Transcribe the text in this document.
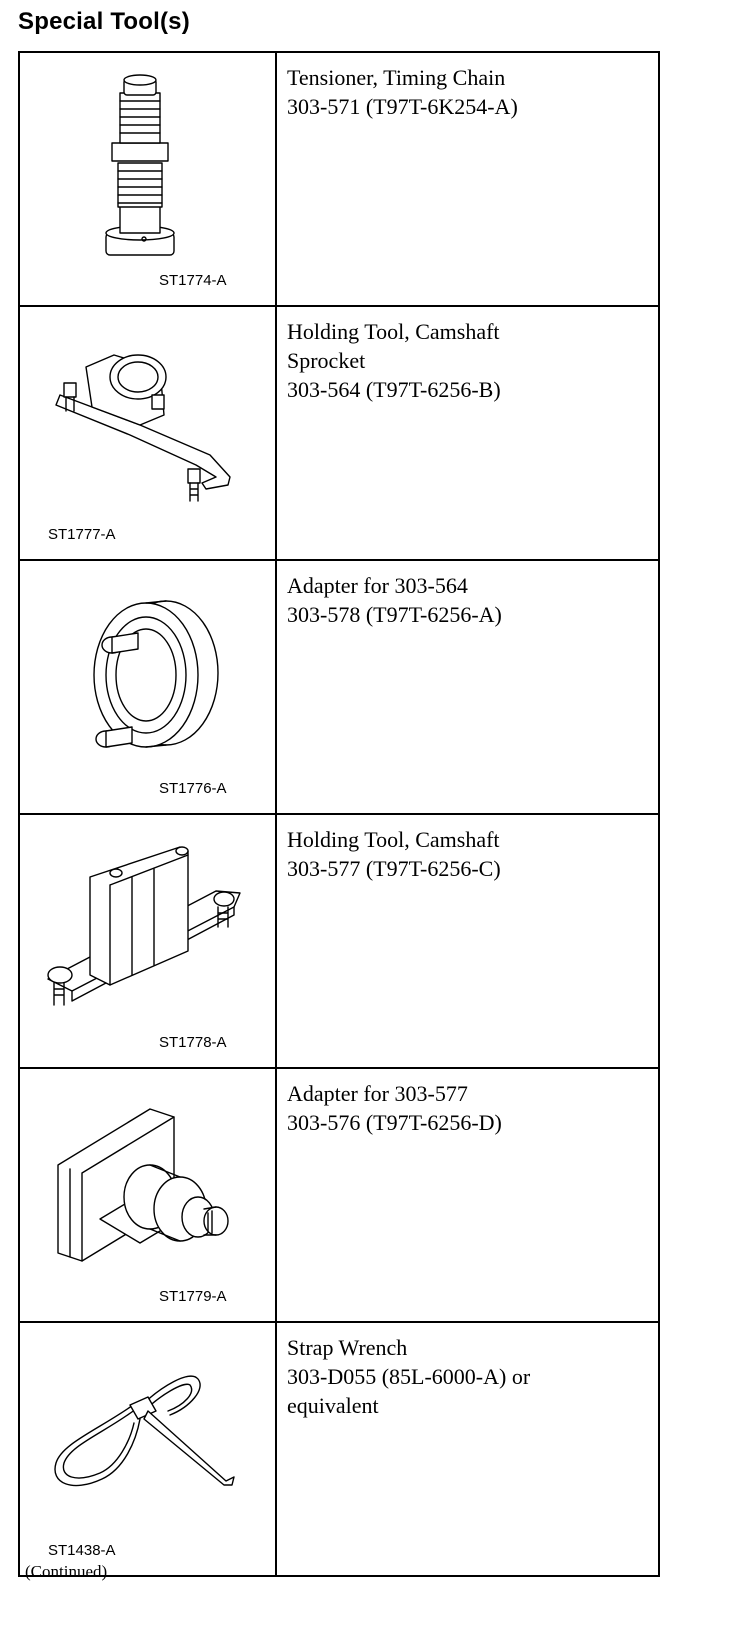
Special Tool(s)
ST1774-A	Tensioner, Timing Chain
303-571 (T97T-6K254-A)

ST1777-A	Holding Tool, Camshaft
Sprocket
303-564 (T97T-6256-B)

ST1776-A	Adapter for 303-564
303-578 (T97T-6256-A)

ST1778-A	Holding Tool, Camshaft
303-577 (T97T-6256-C)

ST1779-A	Adapter for 303-577
303-576 (T97T-6256-D)

ST1438-A	Strap Wrench
303-D055 (85L-6000-A) or
equivalent
(Continued)
